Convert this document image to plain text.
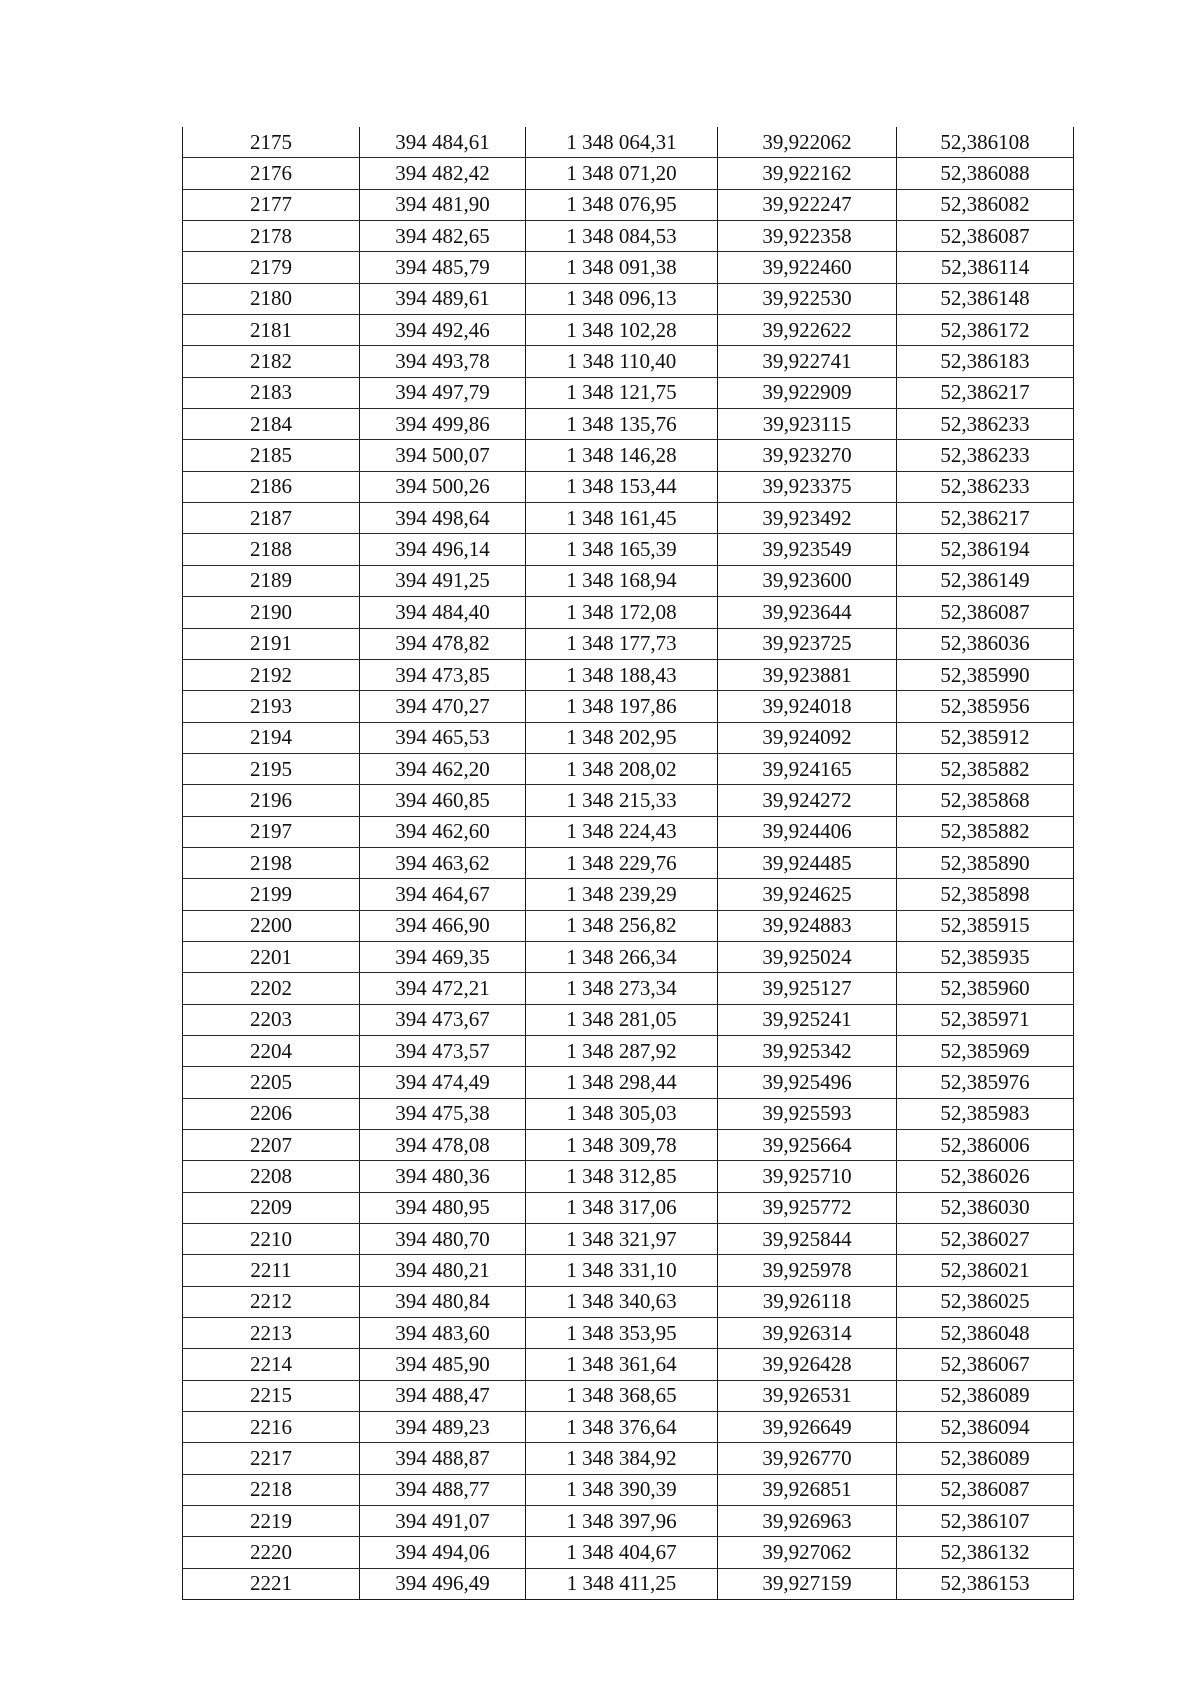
2175	394 484,61	1 348 064,31	39,922062	52,386108
2176	394 482,42	1 348 071,20	39,922162	52,386088
2177	394 481,90	1 348 076,95	39,922247	52,386082
2178	394 482,65	1 348 084,53	39,922358	52,386087
2179	394 485,79	1 348 091,38	39,922460	52,386114
2180	394 489,61	1 348 096,13	39,922530	52,386148
2181	394 492,46	1 348 102,28	39,922622	52,386172
2182	394 493,78	1 348 110,40	39,922741	52,386183
2183	394 497,79	1 348 121,75	39,922909	52,386217
2184	394 499,86	1 348 135,76	39,923115	52,386233
2185	394 500,07	1 348 146,28	39,923270	52,386233
2186	394 500,26	1 348 153,44	39,923375	52,386233
2187	394 498,64	1 348 161,45	39,923492	52,386217
2188	394 496,14	1 348 165,39	39,923549	52,386194
2189	394 491,25	1 348 168,94	39,923600	52,386149
2190	394 484,40	1 348 172,08	39,923644	52,386087
2191	394 478,82	1 348 177,73	39,923725	52,386036
2192	394 473,85	1 348 188,43	39,923881	52,385990
2193	394 470,27	1 348 197,86	39,924018	52,385956
2194	394 465,53	1 348 202,95	39,924092	52,385912
2195	394 462,20	1 348 208,02	39,924165	52,385882
2196	394 460,85	1 348 215,33	39,924272	52,385868
2197	394 462,60	1 348 224,43	39,924406	52,385882
2198	394 463,62	1 348 229,76	39,924485	52,385890
2199	394 464,67	1 348 239,29	39,924625	52,385898
2200	394 466,90	1 348 256,82	39,924883	52,385915
2201	394 469,35	1 348 266,34	39,925024	52,385935
2202	394 472,21	1 348 273,34	39,925127	52,385960
2203	394 473,67	1 348 281,05	39,925241	52,385971
2204	394 473,57	1 348 287,92	39,925342	52,385969
2205	394 474,49	1 348 298,44	39,925496	52,385976
2206	394 475,38	1 348 305,03	39,925593	52,385983
2207	394 478,08	1 348 309,78	39,925664	52,386006
2208	394 480,36	1 348 312,85	39,925710	52,386026
2209	394 480,95	1 348 317,06	39,925772	52,386030
2210	394 480,70	1 348 321,97	39,925844	52,386027
2211	394 480,21	1 348 331,10	39,925978	52,386021
2212	394 480,84	1 348 340,63	39,926118	52,386025
2213	394 483,60	1 348 353,95	39,926314	52,386048
2214	394 485,90	1 348 361,64	39,926428	52,386067
2215	394 488,47	1 348 368,65	39,926531	52,386089
2216	394 489,23	1 348 376,64	39,926649	52,386094
2217	394 488,87	1 348 384,92	39,926770	52,386089
2218	394 488,77	1 348 390,39	39,926851	52,386087
2219	394 491,07	1 348 397,96	39,926963	52,386107
2220	394 494,06	1 348 404,67	39,927062	52,386132
2221	394 496,49	1 348 411,25	39,927159	52,386153
